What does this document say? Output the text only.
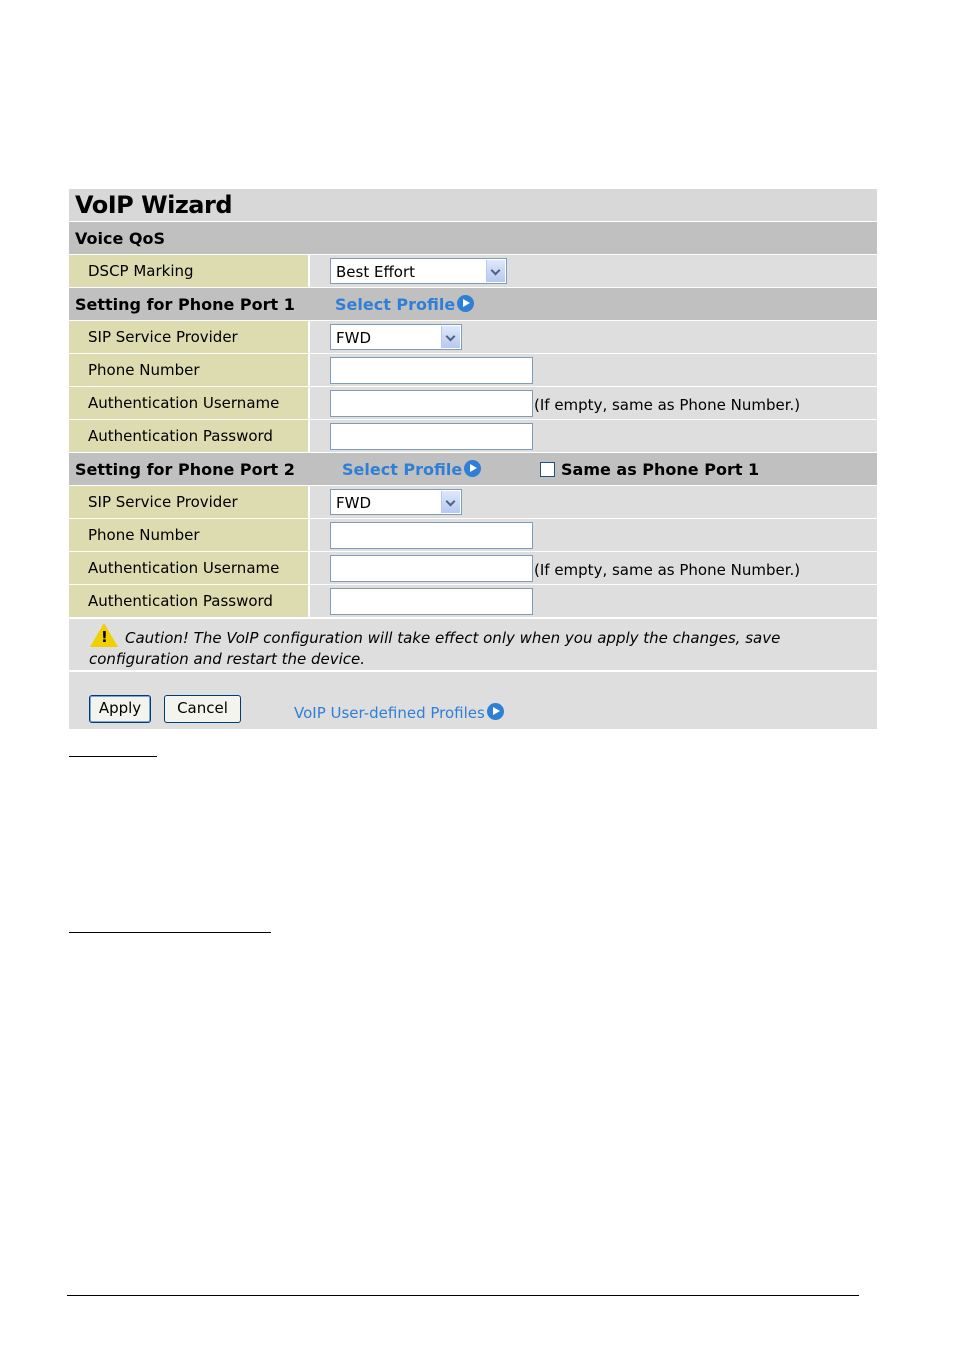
VoIP Wizard
Voice QoS
DSCP Marking	Best Effort
Setting for Phone Port 1	Select Profile
SIP Service Provider	FWD
Phone Number
Authentication Username	(If empty, same as Phone Number.)
Authentication Password
Setting for Phone Port 2	Select Profile	Same as Phone Port 1
SIP Service Provider	FWD
Phone Number
Authentication Username	(If empty, same as Phone Number.)
Authentication Password
!	Caution! The VoIP configuration will take effect only when you apply the changes, save configuration and restart the device.
Apply	Cancel	VoIP User-defined Profiles
